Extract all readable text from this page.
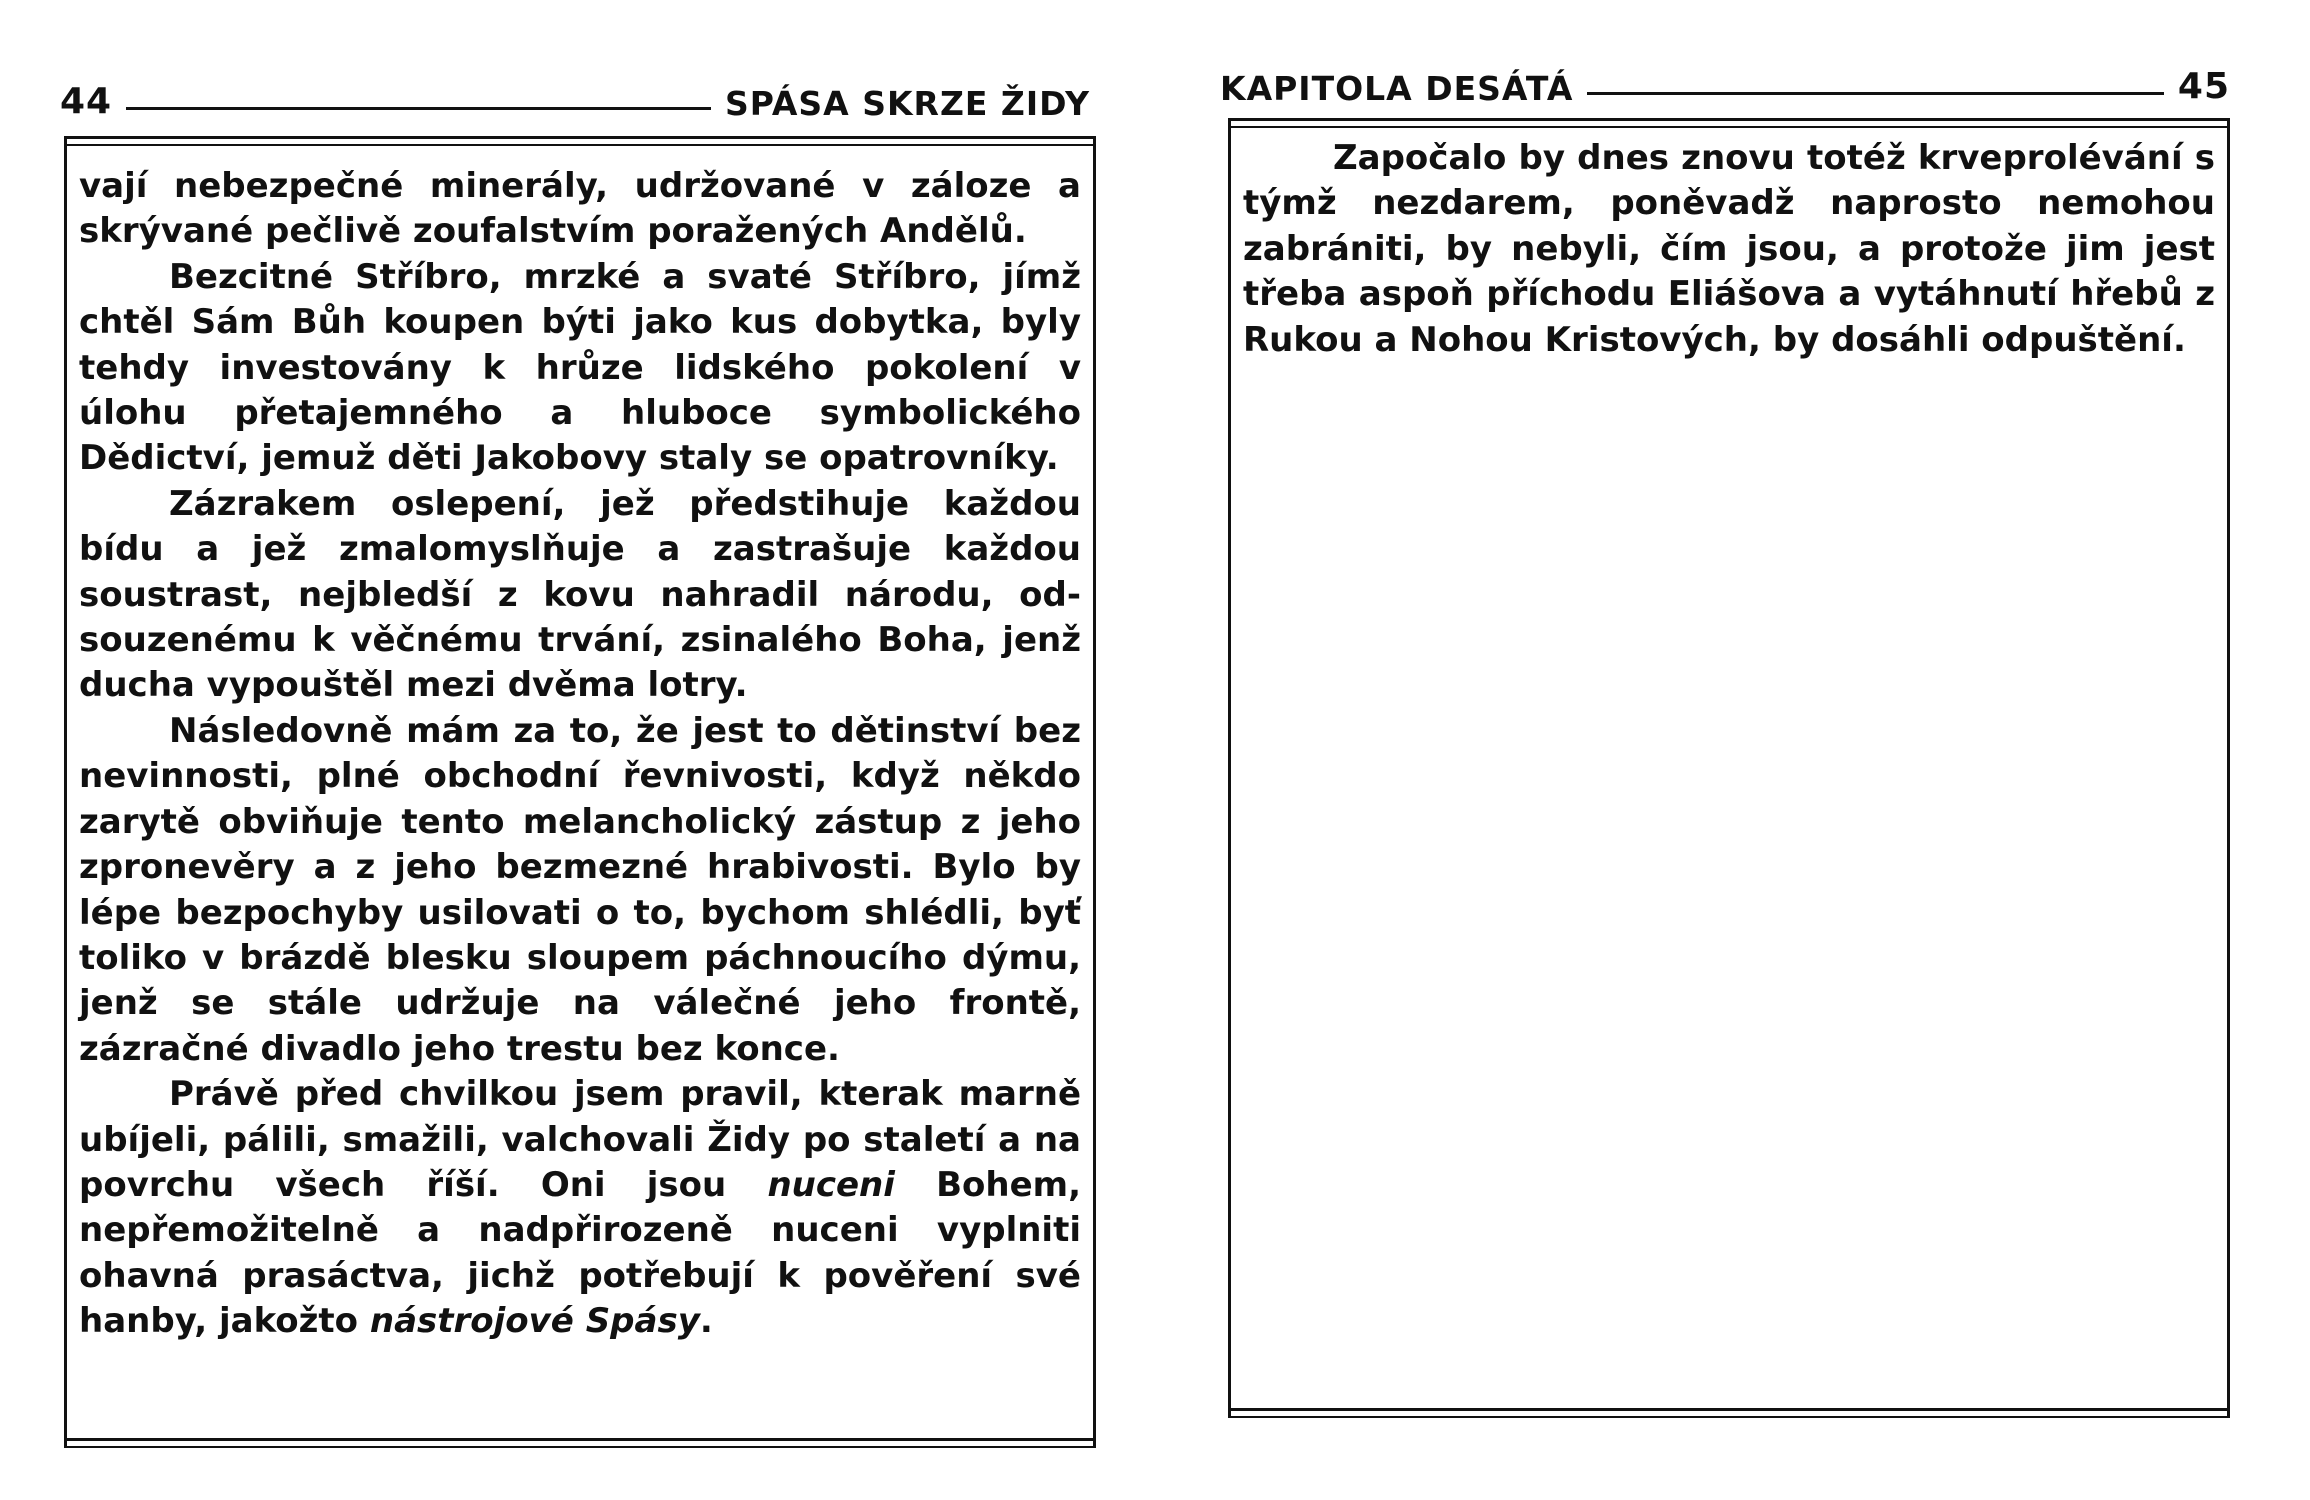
44	SPÁSA SKRZE ŽIDY

vají nebezpečné minerály, udržované v záloze a skrývané pečlivě zoufalstvím poražených Andělů.

Bezcitné Stříbro, mrzké a svaté Stříbro, jímž chtěl Sám Bůh koupen býti jako kus dobytka, byly tehdy investovány k hrůze lidského pokolení v úlohu přetajemného a hluboce symbolického Dědictví, jemuž děti Jakobovy staly se opatrovníky.

Zázrakem oslepení, jež předstihuje každou bídu a jež zmalomyslňuje a zastrašuje každou soustrast, nejbledší z kovu nahradil národu, odsouzenému k věčnému trvání, zsinalého Boha, jenž ducha vypouštěl mezi dvěma lotry.

Následovně mám za to, že jest to dětinství bez nevinnosti, plné obchodní řevnivosti, když někdo zarytě obviňuje tento melancholický zástup z jeho zpronevěry a z jeho bezmezné hrabivosti. Bylo by lépe bezpochyby usilovati o to, bychom shlédli, byť toliko v brázdě blesku sloupem páchnoucího dýmu, jenž se stále udržuje na válečné jeho frontě, zázračné divadlo jeho trestu bez konce.

Právě před chvilkou jsem pravil, kterak marně ubíjeli, pálili, smažili, valchovali Židy po staletí a na povrchu všech říší. Oni jsou nuceni Bohem, nepřemožitelně a nadpřirozeně nuceni vyplniti ohavná prasáctva, jichž potřebují k pověření své hanby, jakožto nástrojové Spásy.

KAPITOLA DESÁTÁ	45

Započalo by dnes znovu totéž krveprolévání s týmž nezdarem, poněvadž naprosto nemohou zabrániti, by nebyli, čím jsou, a protože jim jest třeba aspoň příchodu Eliášova a vytáhnutí hřebů z Rukou a Nohou Kristových, by dosáhli odpuštění.
